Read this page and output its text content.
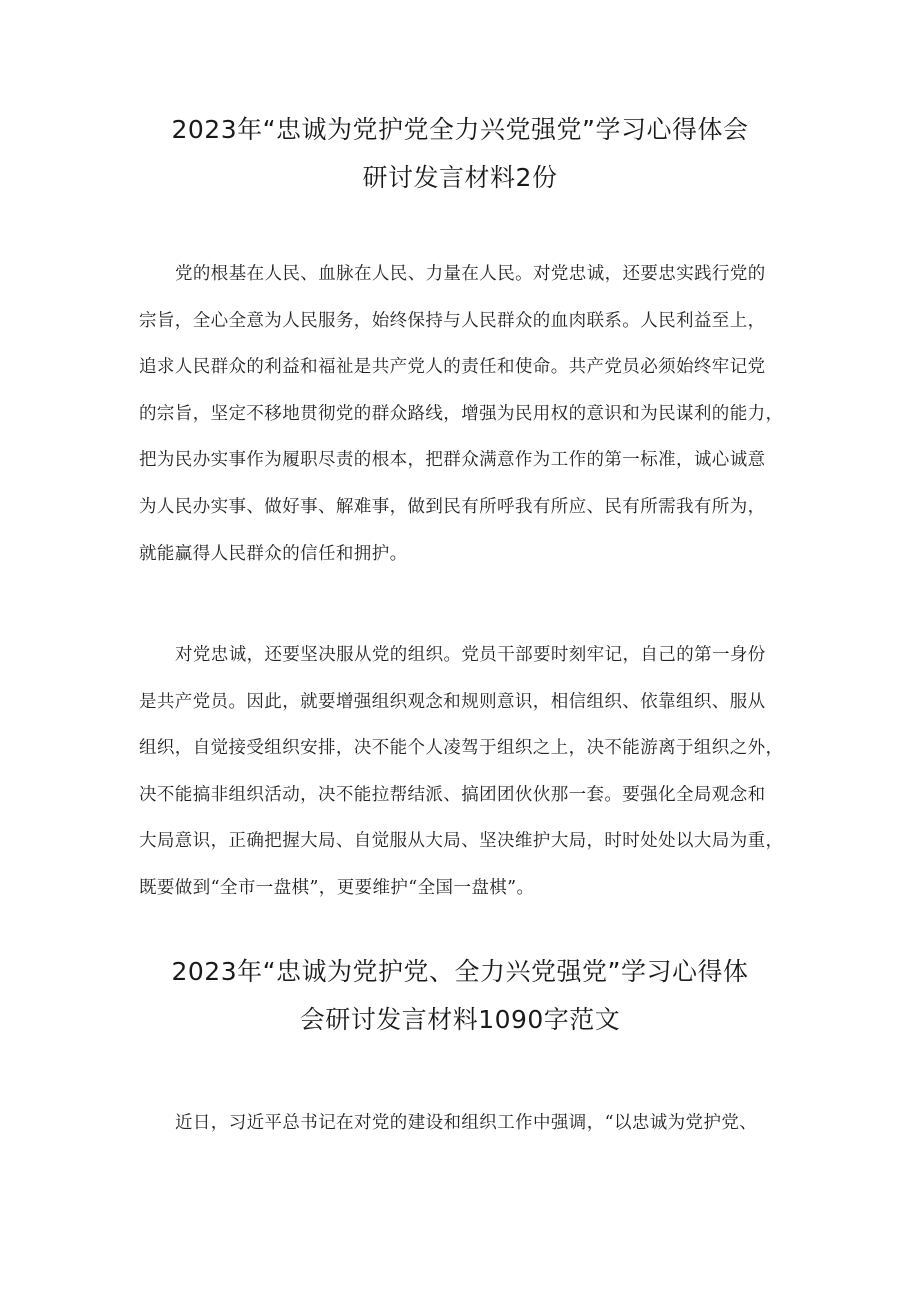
2023年“忠诚为党护党全力兴党强党”学习心得体会
研讨发言材料2份
党的根基在人民、血脉在人民、力量在人民。对党忠诚，还要忠实践行党的
宗旨，全心全意为人民服务，始终保持与人民群众的血肉联系。人民利益至上，
追求人民群众的利益和福祉是共产党人的责任和使命。共产党员必须始终牢记党
的宗旨，坚定不移地贯彻党的群众路线，增强为民用权的意识和为民谋利的能力，
把为民办实事作为履职尽责的根本，把群众满意作为工作的第一标准，诚心诚意
为人民办实事、做好事、解难事，做到民有所呼我有所应、民有所需我有所为，
就能赢得人民群众的信任和拥护。
对党忠诚，还要坚决服从党的组织。党员干部要时刻牢记，自己的第一身份
是共产党员。因此，就要增强组织观念和规则意识，相信组织、依靠组织、服从
组织，自觉接受组织安排，决不能个人凌驾于组织之上，决不能游离于组织之外，
决不能搞非组织活动，决不能拉帮结派、搞团团伙伙那一套。要强化全局观念和
大局意识，正确把握大局、自觉服从大局、坚决维护大局，时时处处以大局为重，
既要做到“全市一盘棋”，更要维护“全国一盘棋”。
2023年“忠诚为党护党、全力兴党强党”学习心得体
会研讨发言材料1090字范文
近日，习近平总书记在对党的建设和组织工作中强调，“以忠诚为党护党、
